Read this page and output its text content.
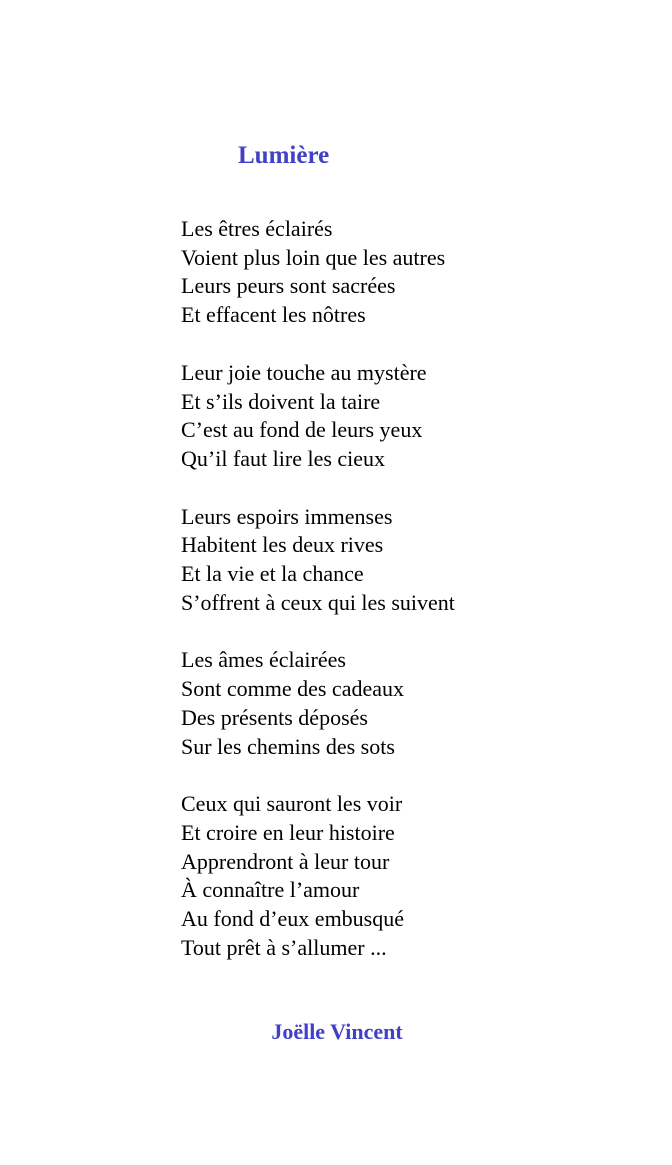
Lumière
Les êtres éclairés
Voient plus loin que les autres
Leurs peurs sont sacrées
Et effacent les nôtres
Leur joie touche au mystère
Et s’ils doivent la taire
C’est au fond de leurs yeux
Qu’il faut lire les cieux
Leurs espoirs immenses
Habitent les deux rives
Et la vie et la chance
S’offrent à ceux qui les suivent
Les âmes éclairées
Sont comme des cadeaux
Des présents déposés
Sur les chemins des sots
Ceux qui sauront les voir
Et croire en leur histoire
Apprendront à leur tour
À connaître l’amour
Au fond d’eux embusqué
Tout prêt à s’allumer ...

Joëlle Vincent
